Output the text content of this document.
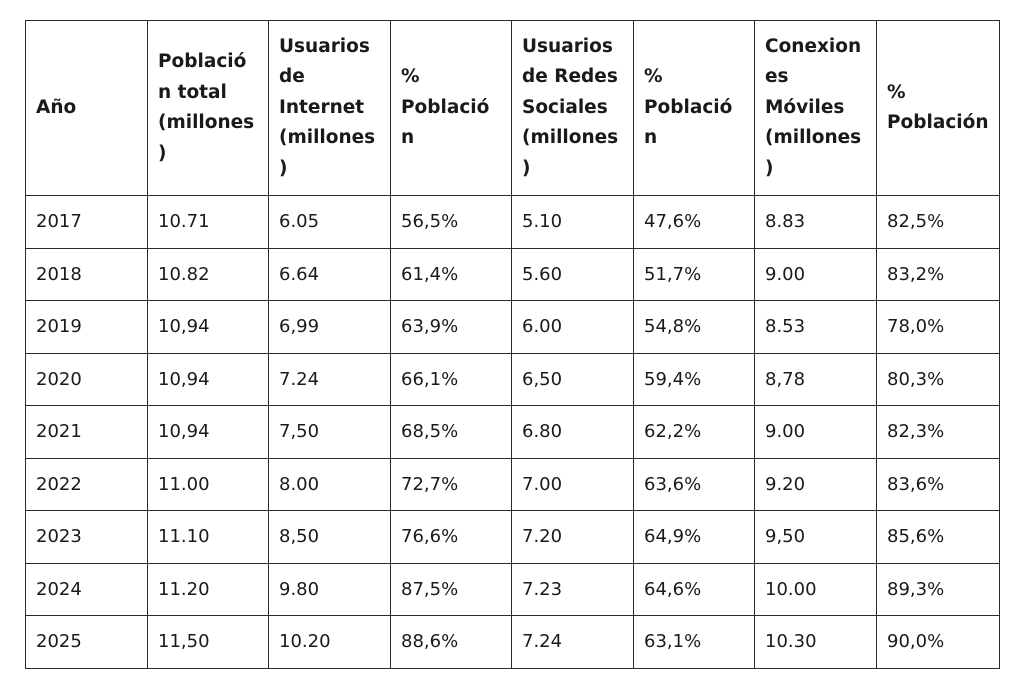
Año	Población total (millones)	Usuarios de Internet (millones)	% Población	Usuarios de Redes Sociales (millones)	% Población	Conexiones Móviles (millones)	% Población
2017	10.71	6.05	56,5%	5.10	47,6%	8.83	82,5%
2018	10.82	6.64	61,4%	5.60	51,7%	9.00	83,2%
2019	10,94	6,99	63,9%	6.00	54,8%	8.53	78,0%
2020	10,94	7.24	66,1%	6,50	59,4%	8,78	80,3%
2021	10,94	7,50	68,5%	6.80	62,2%	9.00	82,3%
2022	11.00	8.00	72,7%	7.00	63,6%	9.20	83,6%
2023	11.10	8,50	76,6%	7.20	64,9%	9,50	85,6%
2024	11.20	9.80	87,5%	7.23	64,6%	10.00	89,3%
2025	11,50	10.20	88,6%	7.24	63,1%	10.30	90,0%
